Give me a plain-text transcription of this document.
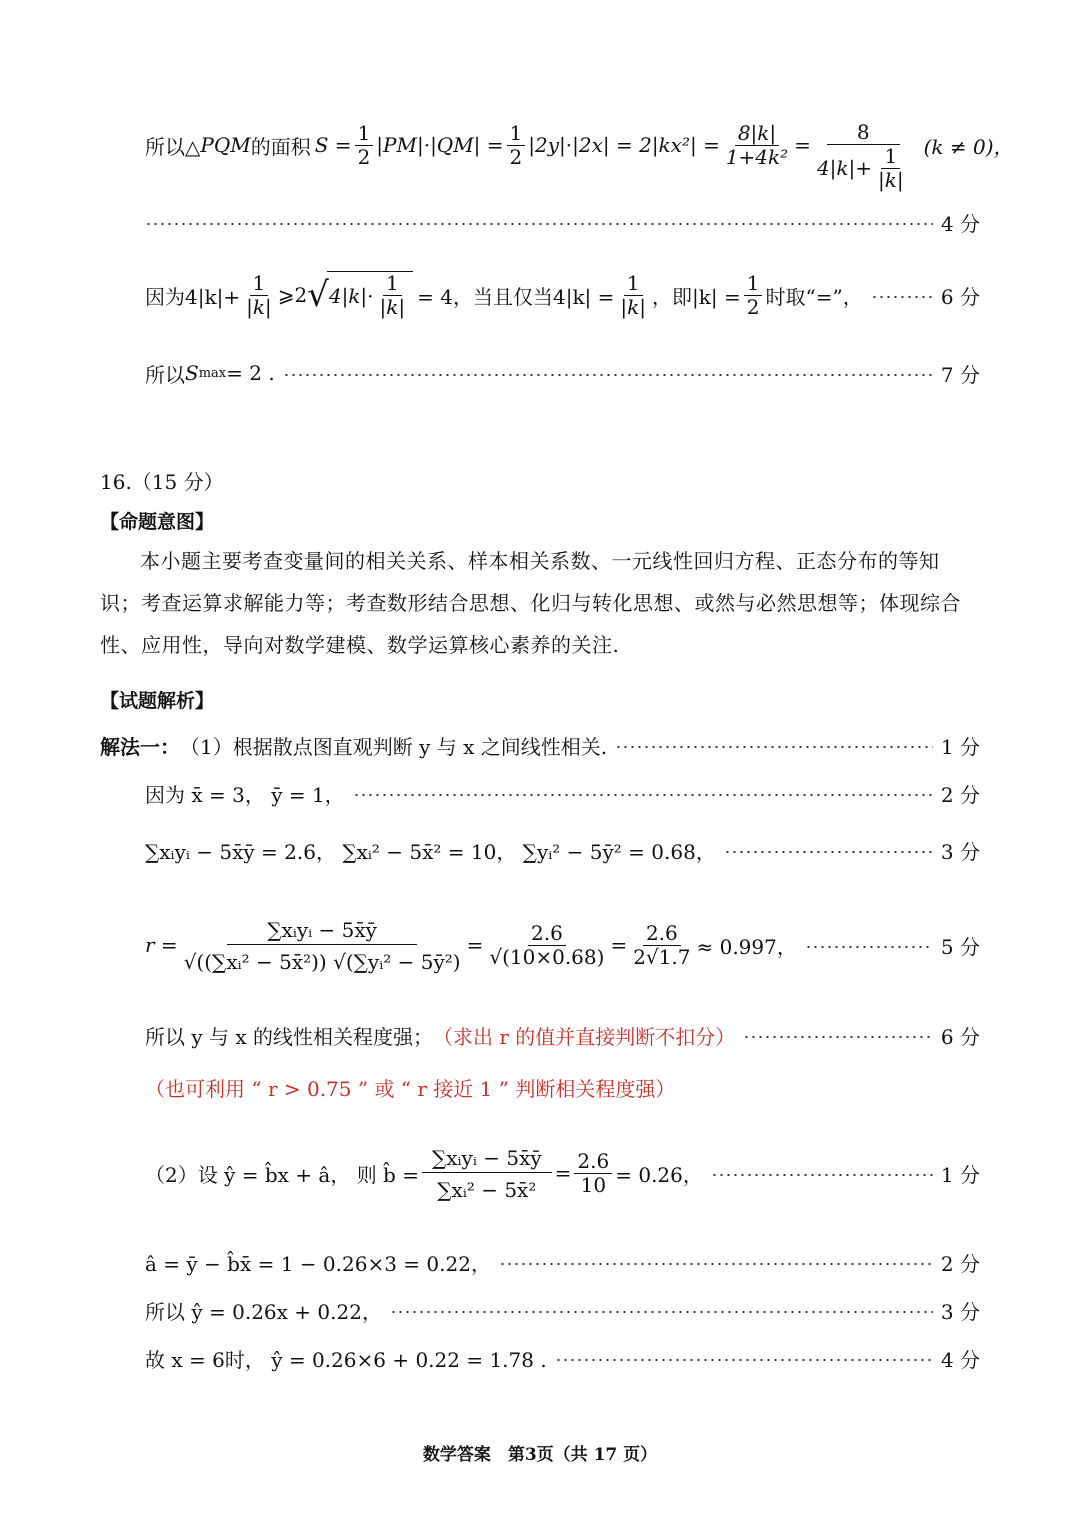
所以△ PQM 的面积 $S = \frac{1}{2} |PM|\cdot|QM| = \frac{1}{2} |2y|\cdot|2x| = 2|kx^2| = \frac{8|k|}{\text{1+4k²}} = \frac{8}{4|k|+ \frac{1}{|k|}} (k \ne 0)$，
4 分
因为$4|k|+ \frac{1}{|k|}$ ⩾2 √ $4|k|\cdot \frac{1}{|k|} = 4$，当且仅当$4|k| = \frac{1}{|k|}$ ，即$|k| = \frac{1}{2}$ 时取“=”，	6 分
所以 S max = 2 .	7 分
16.（15 分）
【命题意图】
本小题主要考查变量间的相关关系、样本相关系数、一元线性回归方程、正态分布的等知识；考查运算求解能力等；考查数形结合思想、化归与转化思想、或然与必然思想等；体现综合性、应用性，导向对数学建模、数学运算核心素养的关注.
【试题解析】
解法一： （1）根据散点图直观判断 y 与 x 之间线性相关.	1 分
因为 x̄ = 3， ȳ = 1，	2 分
∑xᵢyᵢ − 5x̄ȳ = 2.6， ∑xᵢ² − 5x̄² = 10， ∑yᵢ² − 5ȳ² = 0.68，	3 分
$r = \frac{\text{∑xᵢyᵢ − 5x̄ȳ}}{\text{√((∑xᵢ² − 5x̄²)) √(∑yᵢ² − 5ȳ²)}} = \frac{2.6}{√(10\times 0.68)} = \frac{2.6}{2√1.7} \approx 0.997$，	5 分
所以 y 与 x 的线性相关程度强； （求出 r 的值并直接判断不扣分）	6 分
（也可利用 “ r > 0.75 ” 或 “ r 接近 1 ” 判断相关程度强）
（2）设 ŷ = b̂x + â， 则 b̂ = $\frac{\text{∑xᵢyᵢ − 5x̄ȳ}}{\text{∑xᵢ² − 5x̄²}} = \frac{2.6}{10} = 0.26$，	1 分
â = ȳ − b̂x̄ = 1 − 0.26×3 = 0.22，	2 分
所以 ŷ = 0.26x + 0.22，	3 分
故 x = 6时， ŷ = 0.26×6 + 0.22 = 1.78 .	4 分
数学答案　第3页（共 17 页）
